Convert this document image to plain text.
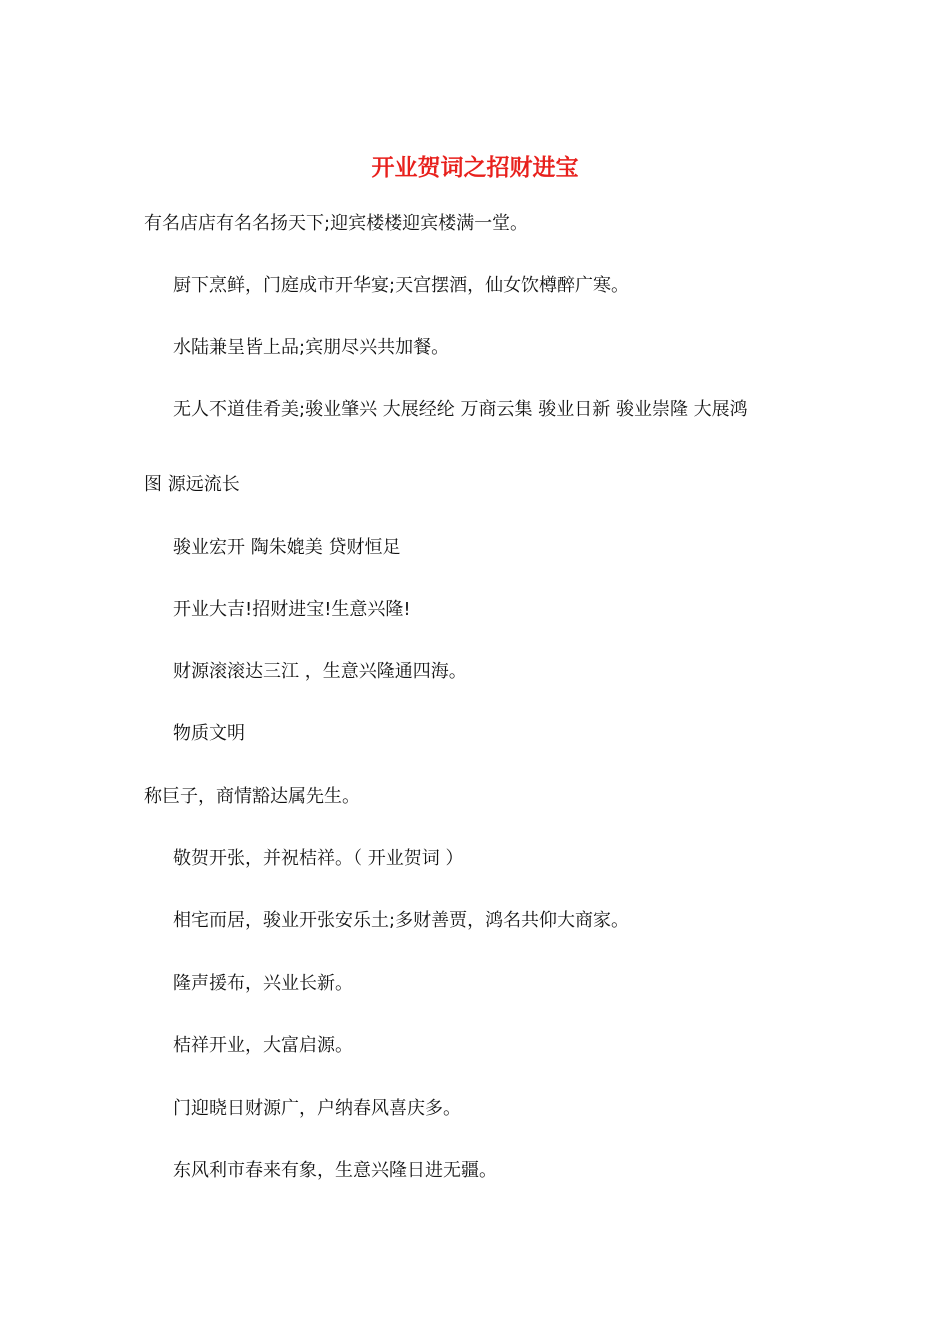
开业贺词之招财进宝
有名店店有名名扬天下;迎宾楼楼迎宾楼满一堂。
厨下烹鲜，门庭成市开华宴;天宫摆酒，仙女饮樽醉广寒。
水陆兼呈皆上品;宾朋尽兴共加餐。
无人不道佳肴美;骏业肇兴 大展经纶 万商云集 骏业日新 骏业崇隆 大展鸿
图 源远流长
骏业宏开 陶朱媲美 贷财恒足
开业大吉!招财进宝!生意兴隆!
财源滚滚达三江 ，生意兴隆通四海。
物质文明
称巨子，商情豁达属先生。
敬贺开张，并祝桔祥。（ 开业贺词 ）
相宅而居，骏业开张安乐土;多财善贾，鸿名共仰大商家。
隆声援布，兴业长新。
桔祥开业，大富启源。
门迎晓日财源广，户纳春风喜庆多。
东风利市春来有象，生意兴隆日进无疆。
